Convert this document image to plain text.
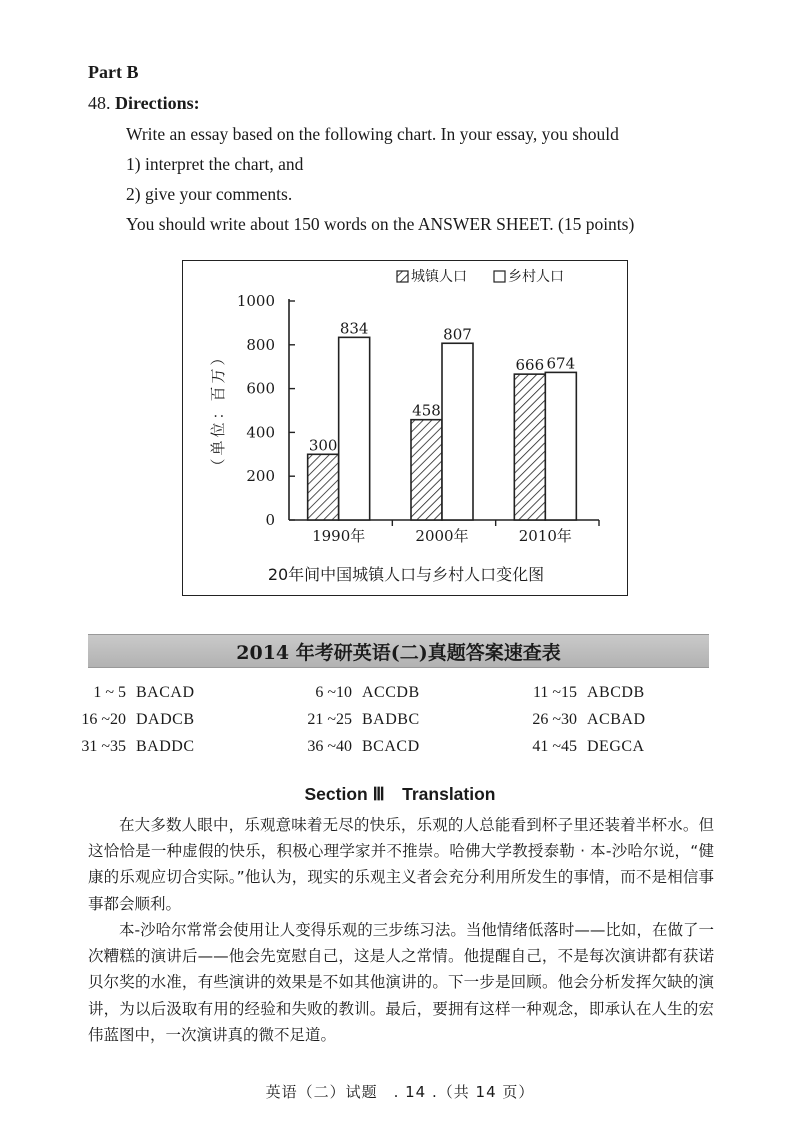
Part B
48. Directions:
Write an essay based on the following chart. In your essay, you should
1) interpret the chart, and
2) give your comments.
You should write about 150 words on the ANSWER SHEET. (15 points)
0
200
400
600
800
1000
（单位：百万）	300
834
1990年
458
807
2000年
666 674
2010年
城镇人口	乡村人口
20年间中国城镇人口与乡村人口变化图
2014 年考研英语(二)真题答案速查表
1 ~ 5 BACAD	6 ~10 ACCDB	11 ~15 ABCDB
16 ~20 DADCB	21 ~25 BADBC	26 ~30 ACBAD
31 ~35 BADDC	36 ~40 BCACD	41 ~45 DEGCA
Section Ⅲ　Translation

在大多数人眼中，乐观意味着无尽的快乐，乐观的人总能看到杯子里还装着半杯水。但这恰恰是一种虚假的快乐，积极心理学家并不推崇。哈佛大学教授泰勒 · 本-沙哈尔说，“健康的乐观应切合实际。”他认为，现实的乐观主义者会充分利用所发生的事情，而不是相信事事都会顺利。

本-沙哈尔常常会使用让人变得乐观的三步练习法。当他情绪低落时——比如，在做了一次糟糕的演讲后——他会先宽慰自己，这是人之常情。他提醒自己，不是每次演讲都有获诺贝尔奖的水准，有些演讲的效果是不如其他演讲的。下一步是回顾。他会分析发挥欠缺的演讲，为以后汲取有用的经验和失败的教训。最后，要拥有这样一种观念，即承认在人生的宏伟蓝图中，一次演讲真的微不足道。

英语（二）试题　. 14 .（共 14 页）
